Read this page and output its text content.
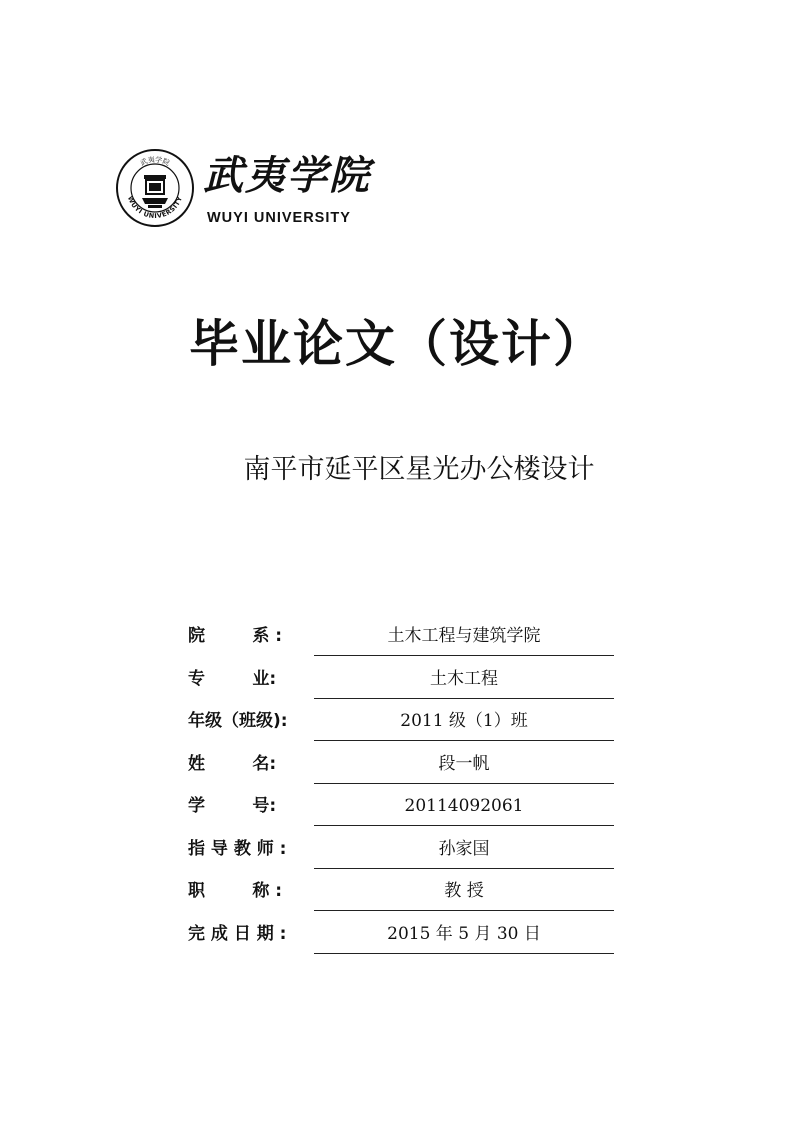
武夷学院
WUYI UNIVERSITY 武夷学院
WUYI UNIVERSITY
毕业论文（设计）
南平市延平区星光办公楼设计
院        系 :	土木工程与建筑学院
专        业:	土木工程
年级（班级):	2011 级（1）班
姓        名:	段一帆
学        号:	20114092061
指 导 教 师 :	孙家国
职        称 :	教 授
完 成 日 期 :	2015 年 5 月 30 日
